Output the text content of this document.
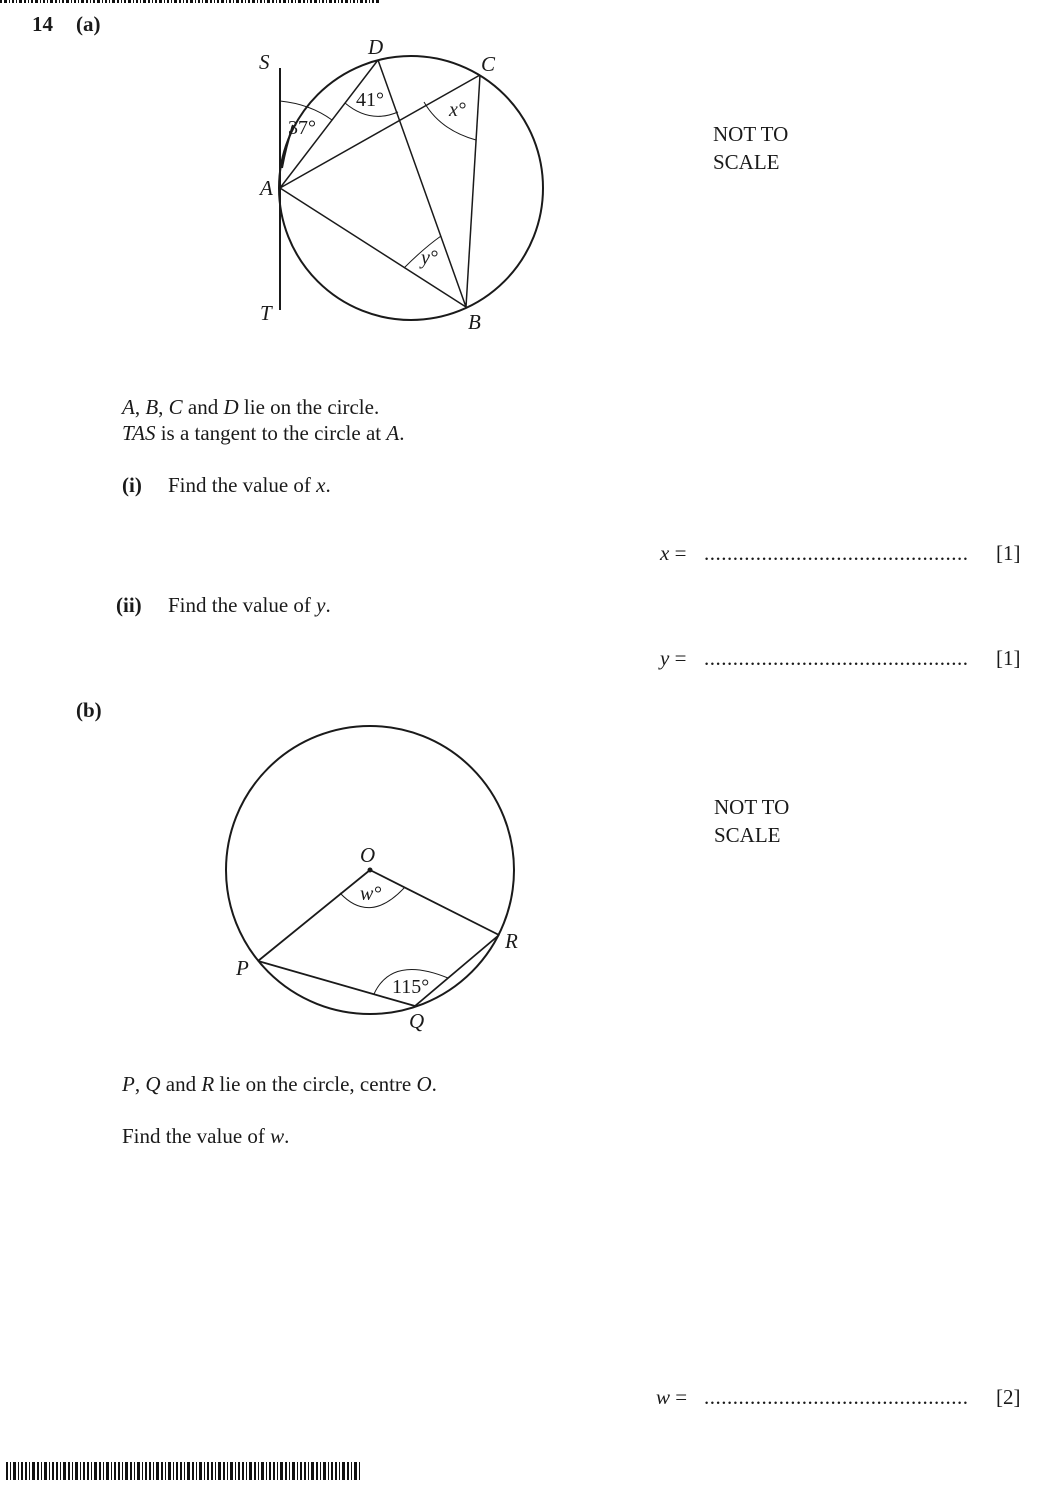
14 (a)
S
D
C
A
T	B
37°
41°	x°
y°
NOT TO
SCALE
A, B, C and D lie on the circle.
TAS is a tangent to the circle at A.
(i) Find the value of x.
x = .............................................. [1]
(ii) Find the value of y.
y = .............................................. [1]
(b)
O
w°
P
R
Q
115°
NOT TO
SCALE
P, Q and R lie on the circle, centre O.
Find the value of w.
w = .............................................. [2]
